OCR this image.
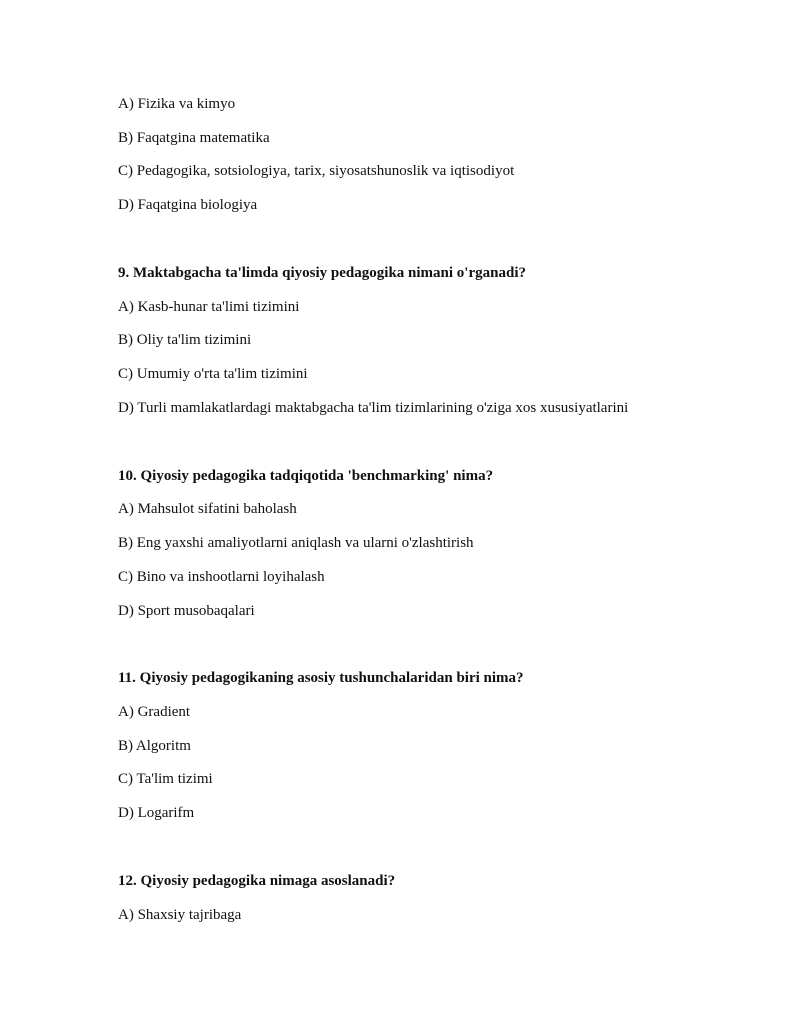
A) Fizika va kimyo
B) Faqatgina matematika
C) Pedagogika, sotsiologiya, tarix, siyosatshunoslik va iqtisodiyot
D) Faqatgina biologiya
9. Maktabgacha ta'limda qiyosiy pedagogika nimani o'rganadi?
A) Kasb-hunar ta'limi tizimini
B) Oliy ta'lim tizimini
C) Umumiy o'rta ta'lim tizimini
D) Turli mamlakatlardagi maktabgacha ta'lim tizimlarining o'ziga xos xususiyatlarini
10. Qiyosiy pedagogika tadqiqotida 'benchmarking' nima?
A) Mahsulot sifatini baholash
B) Eng yaxshi amaliyotlarni aniqlash va ularni o'zlashtirish
C) Bino va inshootlarni loyihalash
D) Sport musobaqalari
11. Qiyosiy pedagogikaning asosiy tushunchalaridan biri nima?
A) Gradient
B) Algoritm
C) Ta'lim tizimi
D) Logarifm
12. Qiyosiy pedagogika nimaga asoslanadi?
A) Shaxsiy tajribaga
